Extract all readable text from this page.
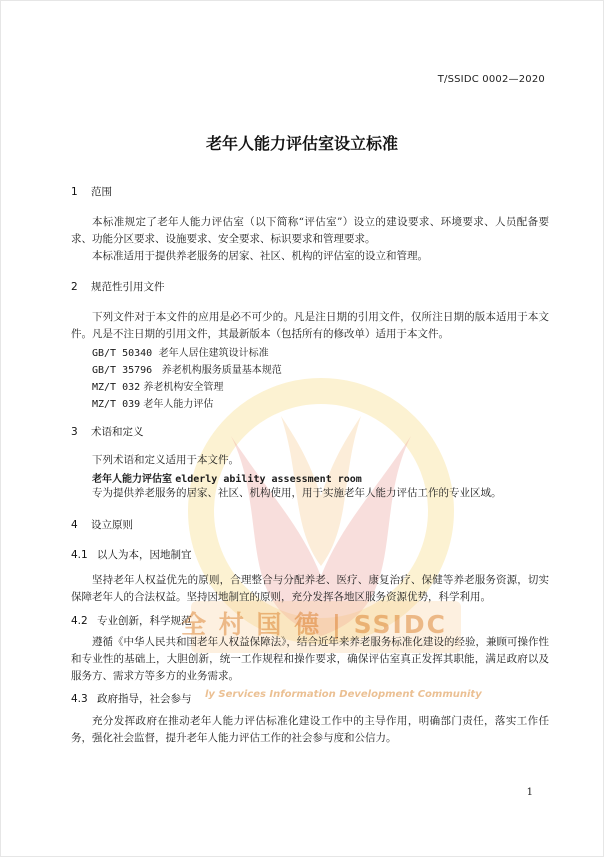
全 村 国 德 | SSIDC
ly Services Information Development Community
T/SSIDC 0002—2020
老年人能力评估室设立标准
1 范围
本标准规定了老年人能力评估室（以下简称“评估室”）设立的建设要求、环境要求、人员配备要求、功能分区要求、设施要求、安全要求、标识要求和管理要求。
本标准适用于提供养老服务的居家、社区、机构的评估室的设立和管理。
2 规范性引用文件
下列文件对于本文件的应用是必不可少的。凡是注日期的引用文件，仅所注日期的版本适用于本文件。凡是不注日期的引用文件，其最新版本（包括所有的修改单）适用于本文件。
GB/T 50340 老年人居住建筑设计标准
GB/T 35796 养老机构服务质量基本规范
MZ/T 032 养老机构安全管理
MZ/T 039 老年人能力评估
3 术语和定义
下列术语和定义适用于本文件。
老年人能力评估室 elderly ability assessment room
专为提供养老服务的居家、社区、机构使用，用于实施老年人能力评估工作的专业区域。
4 设立原则
4.1 以人为本，因地制宜
坚持老年人权益优先的原则，合理整合与分配养老、医疗、康复治疗、保健等养老服务资源，切实保障老年人的合法权益。坚持因地制宜的原则，充分发挥各地区服务资源优势，科学利用。
4.2 专业创新，科学规范
遵循《中华人民共和国老年人权益保障法》，结合近年来养老服务标准化建设的经验，兼顾可操作性和专业性的基础上，大胆创新，统一工作规程和操作要求，确保评估室真正发挥其职能，满足政府以及服务方、需求方等多方的业务需求。
4.3 政府指导，社会参与
充分发挥政府在推动老年人能力评估标准化建设工作中的主导作用，明确部门责任，落实工作任务，强化社会监督，提升老年人能力评估工作的社会参与度和公信力。
1
